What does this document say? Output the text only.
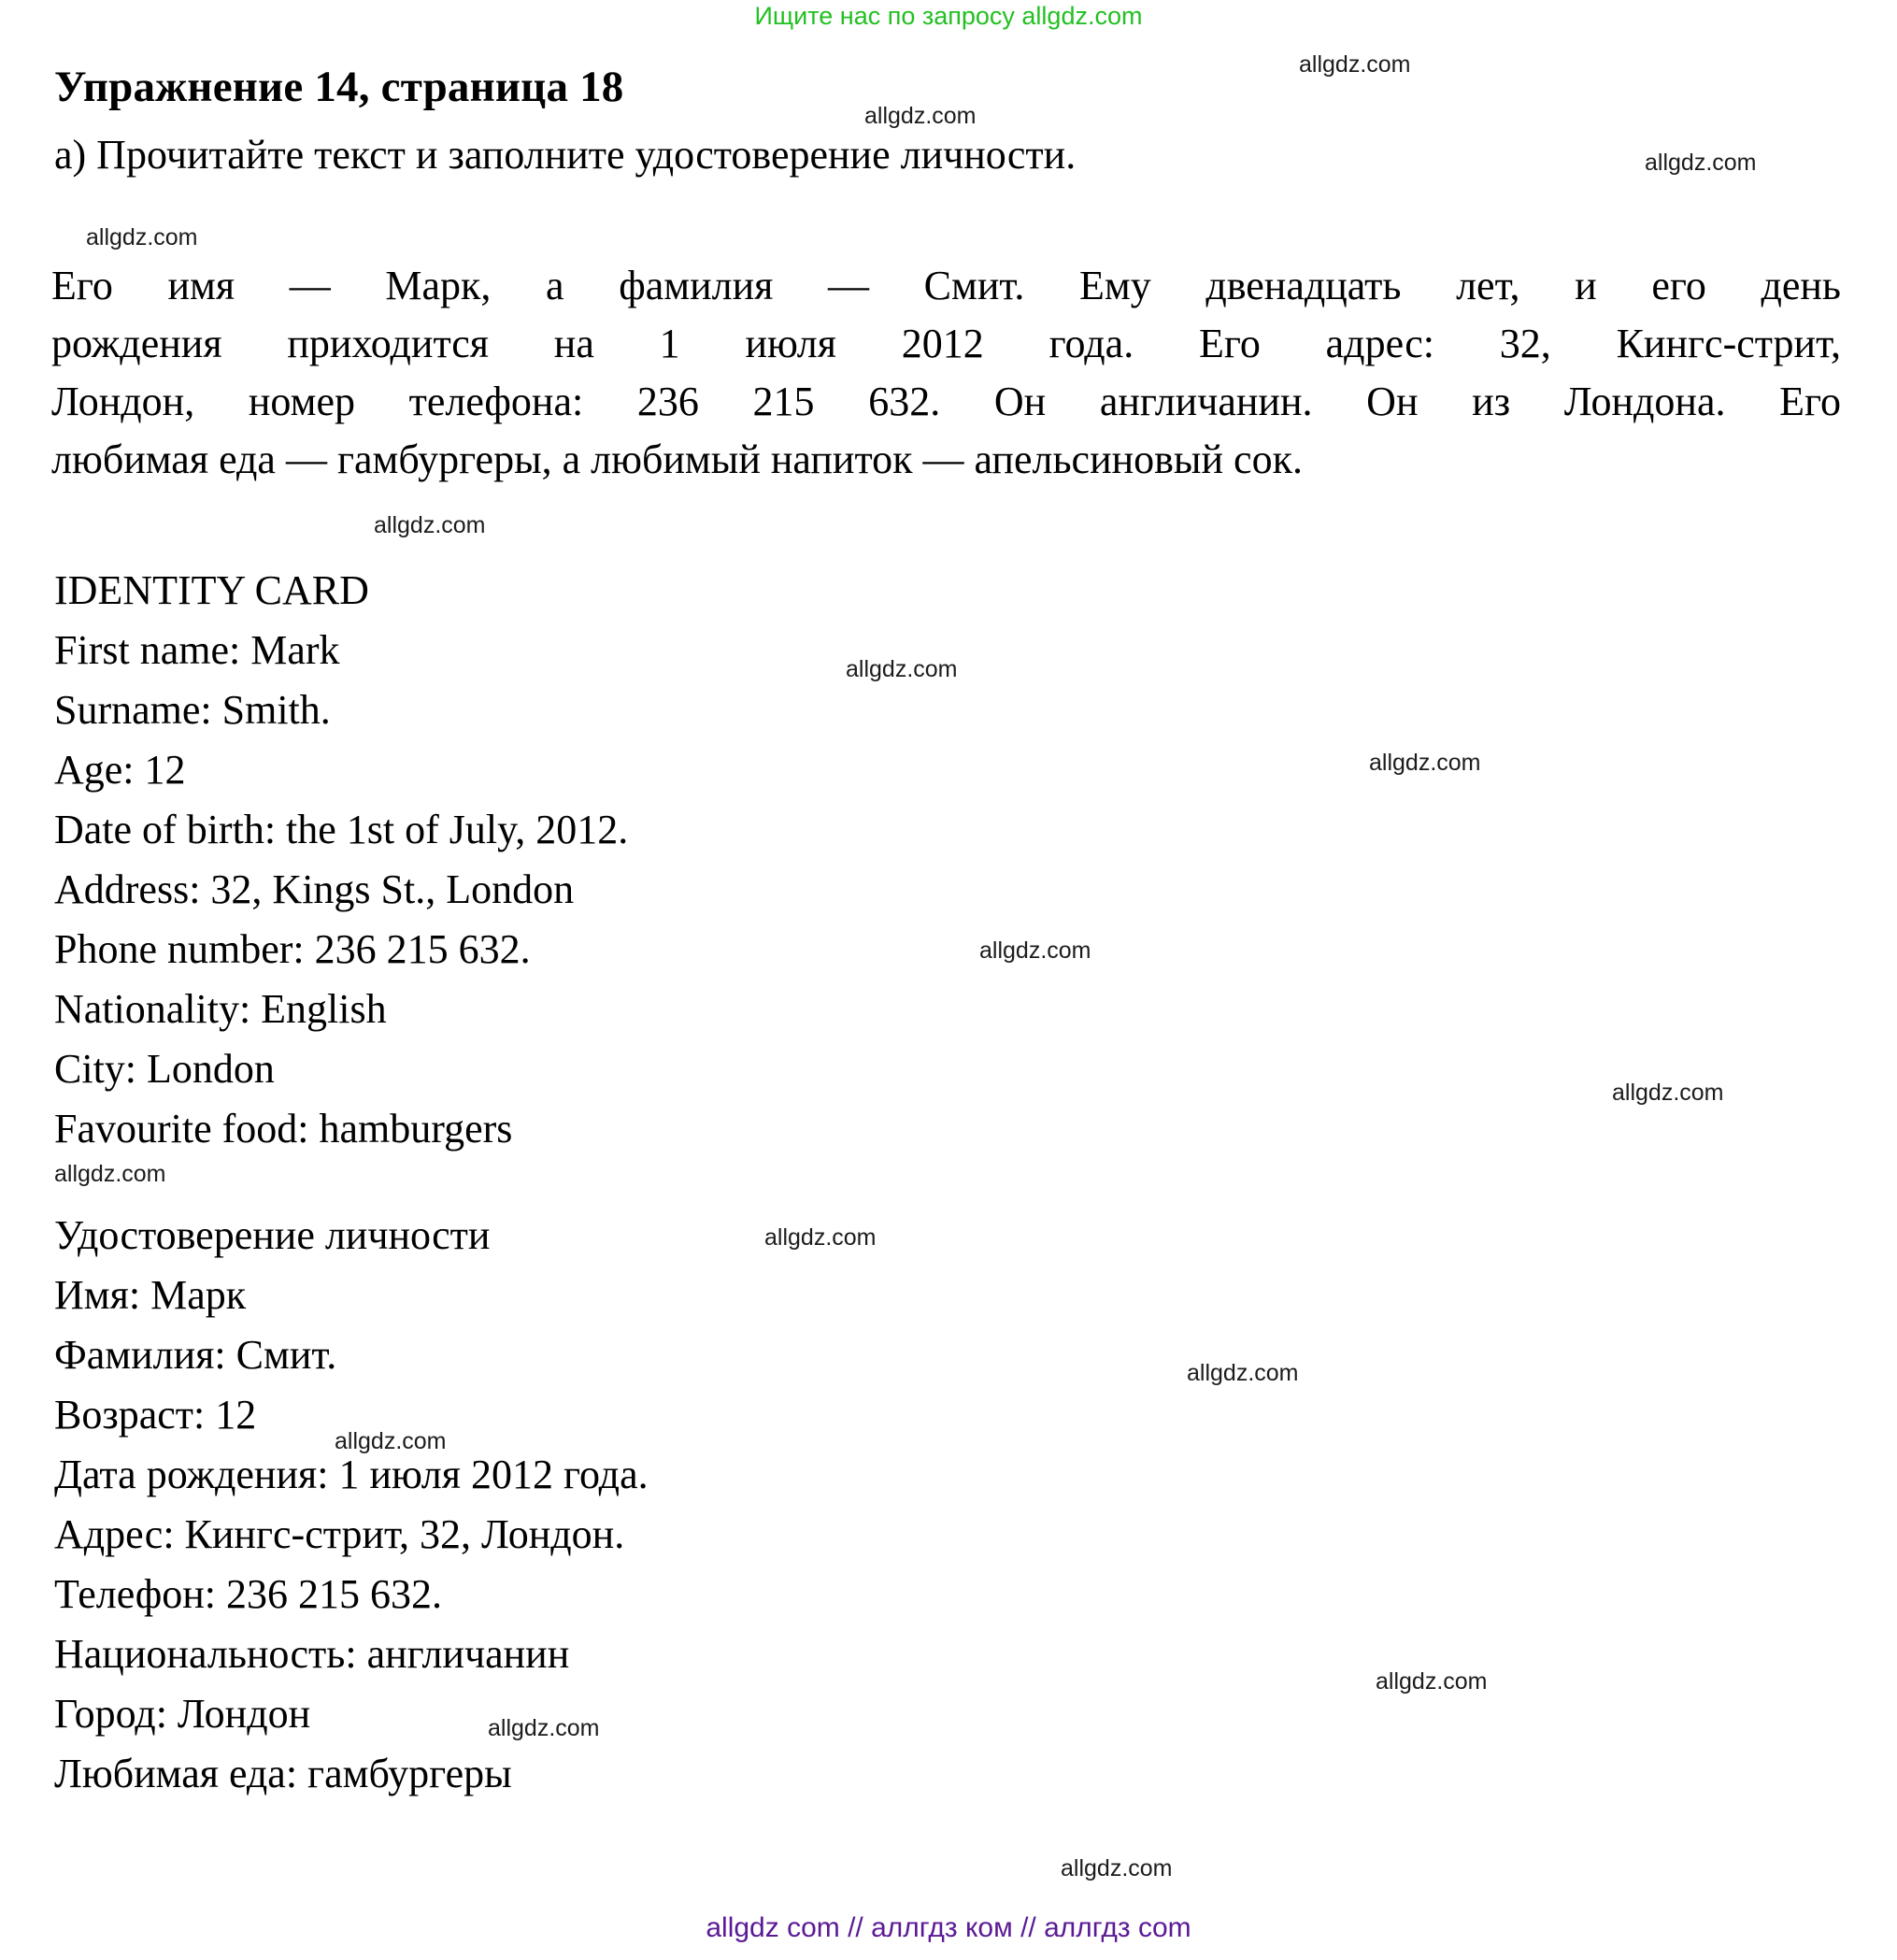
Ищите нас по запросу allgdz.com
Упражнение 14, страница 18
а) Прочитайте текст и заполните удостоверение личности.
Его имя — Марк, а фамилия — Смит. Ему двенадцать лет, и его день
рождения приходится на 1 июля 2012 года. Его адрес: 32, Кингс-стрит,
Лондон, номер телефона: 236 215 632. Он англичанин. Он из Лондона. Его
любимая еда — гамбургеры, а любимый напиток — апельсиновый сок.
IDENTITY CARD
First name: Mark
Surname: Smith.
Age: 12
Date of birth: the 1st of July, 2012.
Address: 32, Kings St., London
Phone number: 236 215 632.
Nationality: English
City: London
Favourite food: hamburgers
Удостоверение личности
Имя: Марк
Фамилия: Смит.
Возраст: 12
Дата рождения: 1 июля 2012 года.
Адрес: Кингс-стрит, 32, Лондон.
Телефон: 236 215 632.
Национальность: англичанин
Город: Лондон
Любимая еда: гамбургеры
allgdz.com
allgdz.com
allgdz.com
allgdz.com
allgdz.com
allgdz.com
allgdz.com
allgdz.com
allgdz.com
allgdz.com
allgdz.com
allgdz.com
allgdz.com
allgdz.com
allgdz.com
allgdz.com
allgdz com // аллгдз ком // аллгдз com
